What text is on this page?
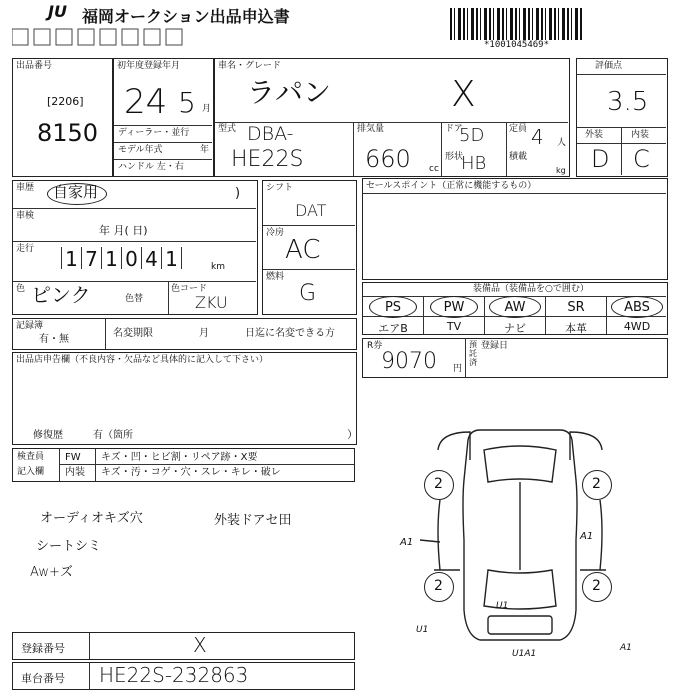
JU 福岡オークション出品申込書
*1001045469*
出品番号
[2206]
8150
初年度登録年月
24 5 月
ディーラー・並行
モデル年式	年
ハンドル 左・右
車名・グレード
ラパン	X
型式 DBA-
HE22S
排気量
660 cc
ドア
5D
形状
HB
定員 4 人
積載
kg
評価点
3.5
外装	内装
D C
車歴 自家用	)
車検
年 月( 日)
走行 1 7 1 0 4 1	km
色 ピンク	色替
色コード
ZKU
シフト
DAT
冷房
AC
燃料
G
セールスポイント（正常に機能するもの）
装備品（装備品を○で囲む）
PS	PW	AW	SR	ABS
エアB	TV	ナビ	本革	4WD
記録簿
有・無
名変期限	月	日迄に名変できる方
R券
9070 円
預託済
登録日
出品店申告欄（不良内容・欠品など具体的に記入して下さい）
修復歴	有（箇所	）
検査員
記入欄
FW キズ・凹・ヒビ割・リペア跡・X要
内装 キズ・汚・コゲ・穴・スレ・キレ・破レ
オーディオキズ穴
シートシミ
Aw+ズ
外装ドアセ田
2	2
2	2
A1
A1
U1
U1
U1A1
A1
登録番号	X
車台番号 HE22S-232863
